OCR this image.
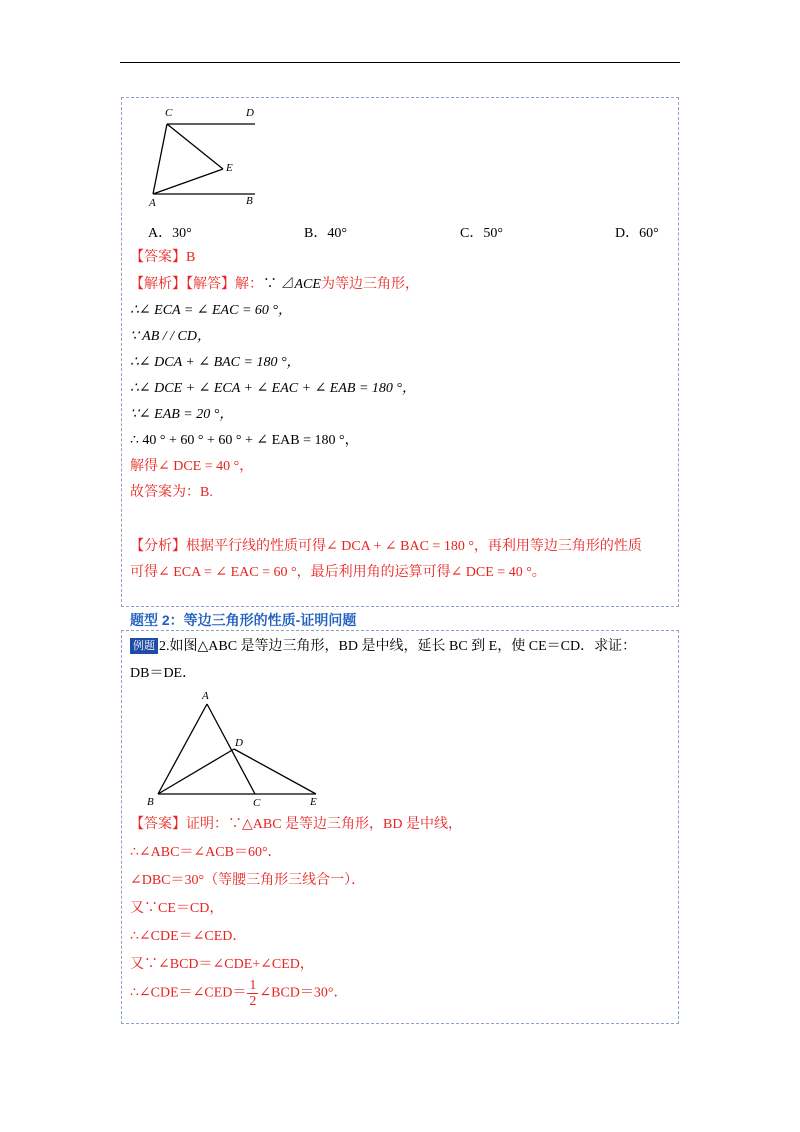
C	D
E
A	B
A．30°	B．40°	C．50°	D．60°
【答案】B
【解析】【解答】解：∵ ⊿ACE为等边三角形，
∴∠ ECA = ∠ EAC = 60 °，
∵ AB / / CD，
∴∠ DCA + ∠ BAC = 180 °，
∴∠ DCE + ∠ ECA + ∠ EAC + ∠ EAB = 180 °，
∵∠ EAB = 20 °，
∴ 40 ° + 60 ° + 60 ° + ∠ EAB = 180 °，
解得∠ DCE = 40 °，
故答案为：B.
【分析】根据平行线的性质可得∠ DCA + ∠ BAC = 180 °，再利用等边三角形的性质
可得∠ ECA = ∠ EAC = 60 °，最后利用角的运算可得∠ DCE = 40 °。
题型 2：等边三角形的性质-证明问题
例题 2.如图△ABC 是等边三角形，BD 是中线，延长 BC 到 E，使 CE＝CD．求证：
DB＝DE．
A
D
B	C	E
【答案】证明：∵△ABC 是等边三角形，BD 是中线，
∴∠ABC＝∠ACB＝60°．
∠DBC＝30°（等腰三角形三线合一）．
又∵CE＝CD，
∴∠CDE＝∠CED．
又∵∠BCD＝∠CDE+∠CED，
∴∠CDE＝∠CED＝ $\frac{1}{2}$ ∠BCD＝30°．
